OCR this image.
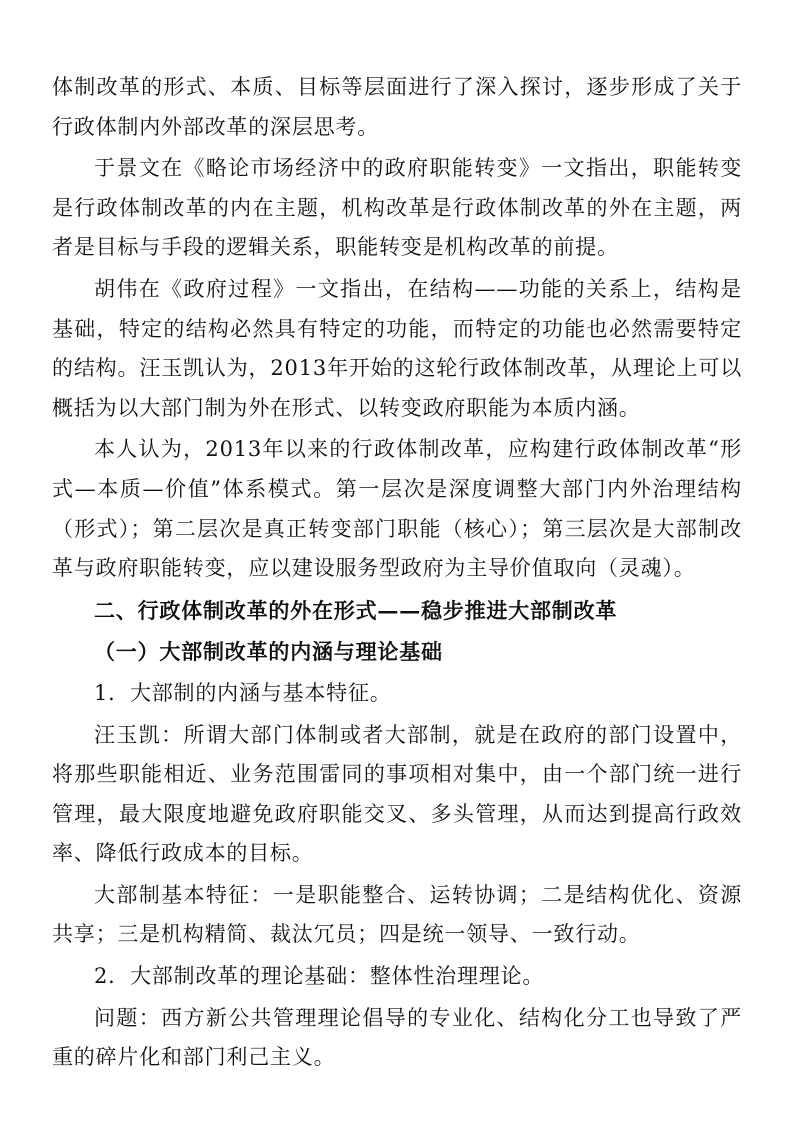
体制改革的形式、本质、目标等层面进行了深入探讨，逐步形成了关于行政体制内外部改革的深层思考。

于景文在《略论市场经济中的政府职能转变》一文指出，职能转变是行政体制改革的内在主题，机构改革是行政体制改革的外在主题，两者是目标与手段的逻辑关系，职能转变是机构改革的前提。

胡伟在《政府过程》一文指出，在结构——功能的关系上，结构是基础，特定的结构必然具有特定的功能，而特定的功能也必然需要特定的结构。汪玉凯认为，2013年开始的这轮行政体制改革，从理论上可以概括为以大部门制为外在形式、以转变政府职能为本质内涵。

本人认为，2013年以来的行政体制改革，应构建行政体制改革“形式—本质—价值”体系模式。第一层次是深度调整大部门内外治理结构（形式）；第二层次是真正转变部门职能（核心）；第三层次是大部制改革与政府职能转变，应以建设服务型政府为主导价值取向（灵魂）。

二、行政体制改革的外在形式——稳步推进大部制改革

（一）大部制改革的内涵与理论基础

1．大部制的内涵与基本特征。

汪玉凯：所谓大部门体制或者大部制，就是在政府的部门设置中，将那些职能相近、业务范围雷同的事项相对集中，由一个部门统一进行管理，最大限度地避免政府职能交叉、多头管理，从而达到提高行政效率、降低行政成本的目标。

大部制基本特征：一是职能整合、运转协调；二是结构优化、资源共享；三是机构精简、裁汰冗员；四是统一领导、一致行动。

2．大部制改革的理论基础：整体性治理理论。

问题：西方新公共管理理论倡导的专业化、结构化分工也导致了严重的碎片化和部门利己主义。
